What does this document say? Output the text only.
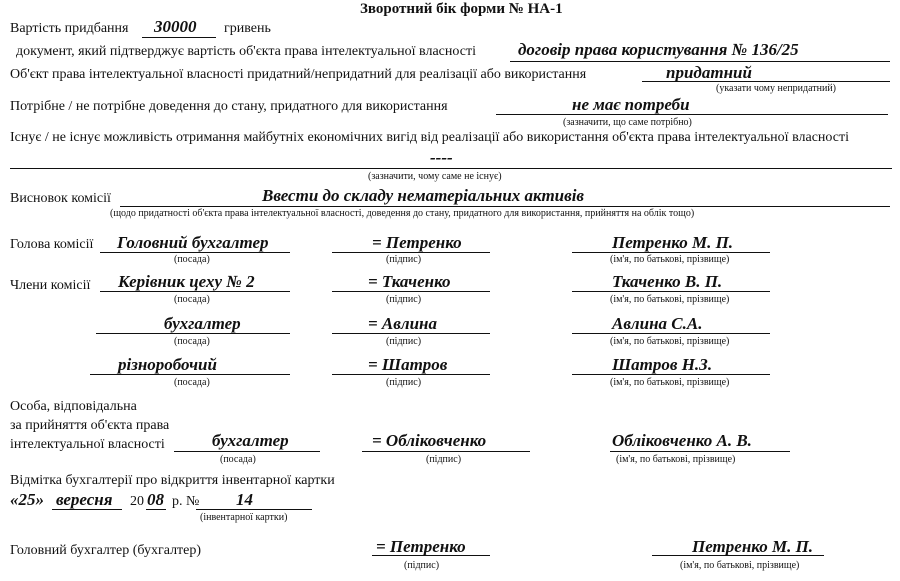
Зворотний бік форми № НА-1
Вартість придбання 30000 гривень
документ, який підтверджує вартість об'єкта права інтелектуальної власності договір права користування № 136/25
Об'єкт права інтелектуальної власності придатний/непридатний для реалізації або використання	придатний
(указати чому непридатний)
Потрібне / не потрібне доведення до стану, придатного для використання	не має потреби
(зазначити, що саме потрібно)
Існує / не існує можливість отримання майбутніх економічних вигід від реалізації або використання об'єкта права інтелектуальної власності
----
(зазначити, чому саме не існує)
Висновок комісії	Ввести до складу нематеріальних активів
(щодо придатності об'єкта права інтелектуальної власності, доведення до стану, придатного для використання, прийняття на облік тощо)
Голова комісії Головний бухгалтер
(посада)
= Петренко
(підпис)
Петренко М. П.
(ім'я, по батькові, прізвище)
Члени комісії Керівник цеху № 2
(посада)
= Ткаченко
(підпис)
Ткаченко В. П.
(ім'я, по батькові, прізвище)
бухгалтер
(посада)
= Авлина
(підпис)
Авлина С.А.
(ім'я, по батькові, прізвище)
різноробочий
(посада)
= Шатров
(підпис)
Шатров Н.З.
(ім'я, по батькові, прізвище)
Особа, відповідальна
за прийняття об'єкта права
інтелектуальної власності	бухгалтер
(посада)
= Обліковченко
(підпис)
Обліковченко А. В.
(ім'я, по батькові, прізвище)
Відмітка бухгалтерії про відкриття інвентарної картки
«25» вересня 20 08 р. № 14
(інвентарної картки)
Головний бухгалтер (бухгалтер)	= Петренко
(підпис)
Петренко М. П.
(ім'я, по батькові, прізвище)
